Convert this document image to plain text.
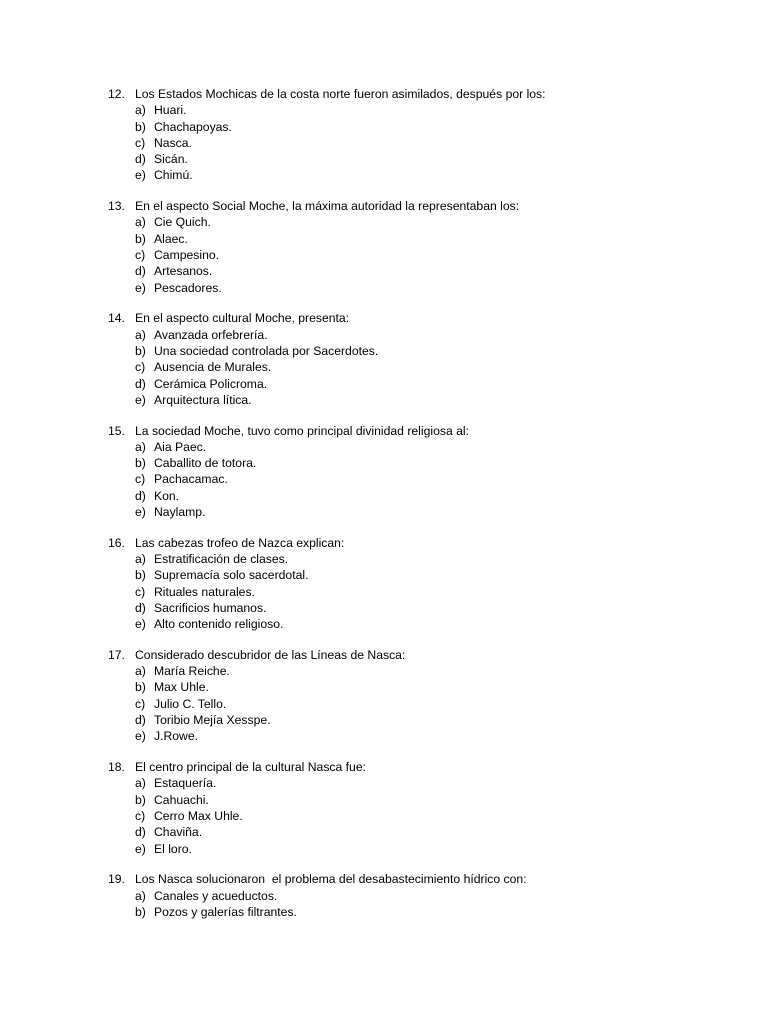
12. Los Estados Mochicas de la costa norte fueron asimilados, después por los:
a) Huari.
b) Chachapoyas.
c) Nasca.
d) Sicán.
e) Chimú.
13. En el aspecto Social Moche, la máxima autoridad la representaban los:
a) Cie Quich.
b) Alaec.
c) Campesino.
d) Artesanos.
e) Pescadores.
14. En el aspecto cultural Moche, presenta:
a) Avanzada orfebrería.
b) Una sociedad controlada por Sacerdotes.
c) Ausencia de Murales.
d) Cerámica Policroma.
e) Arquitectura lítica.
15. La sociedad Moche, tuvo como principal divinidad religiosa al:
a) Aia Paec.
b) Caballito de totora.
c) Pachacamac.
d) Kon.
e) Naylamp.
16. Las cabezas trofeo de Nazca explican:
a) Estratificación de clases.
b) Supremacía solo sacerdotal.
c) Rituales naturales.
d) Sacrificios humanos.
e) Alto contenido religioso.
17. Considerado descubridor de las Líneas de Nasca:
a) María Reiche.
b) Max Uhle.
c) Julio C. Tello.
d) Toribio Mejía Xesspe.
e) J.Rowe.
18. El centro principal de la cultural Nasca fue:
a) Estaquería.
b) Cahuachi.
c) Cerro Max Uhle.
d) Chaviña.
e) El loro.
19. Los Nasca solucionaron  el problema del desabastecimiento hídrico con:
a) Canales y acueductos.
b) Pozos y galerías filtrantes.
